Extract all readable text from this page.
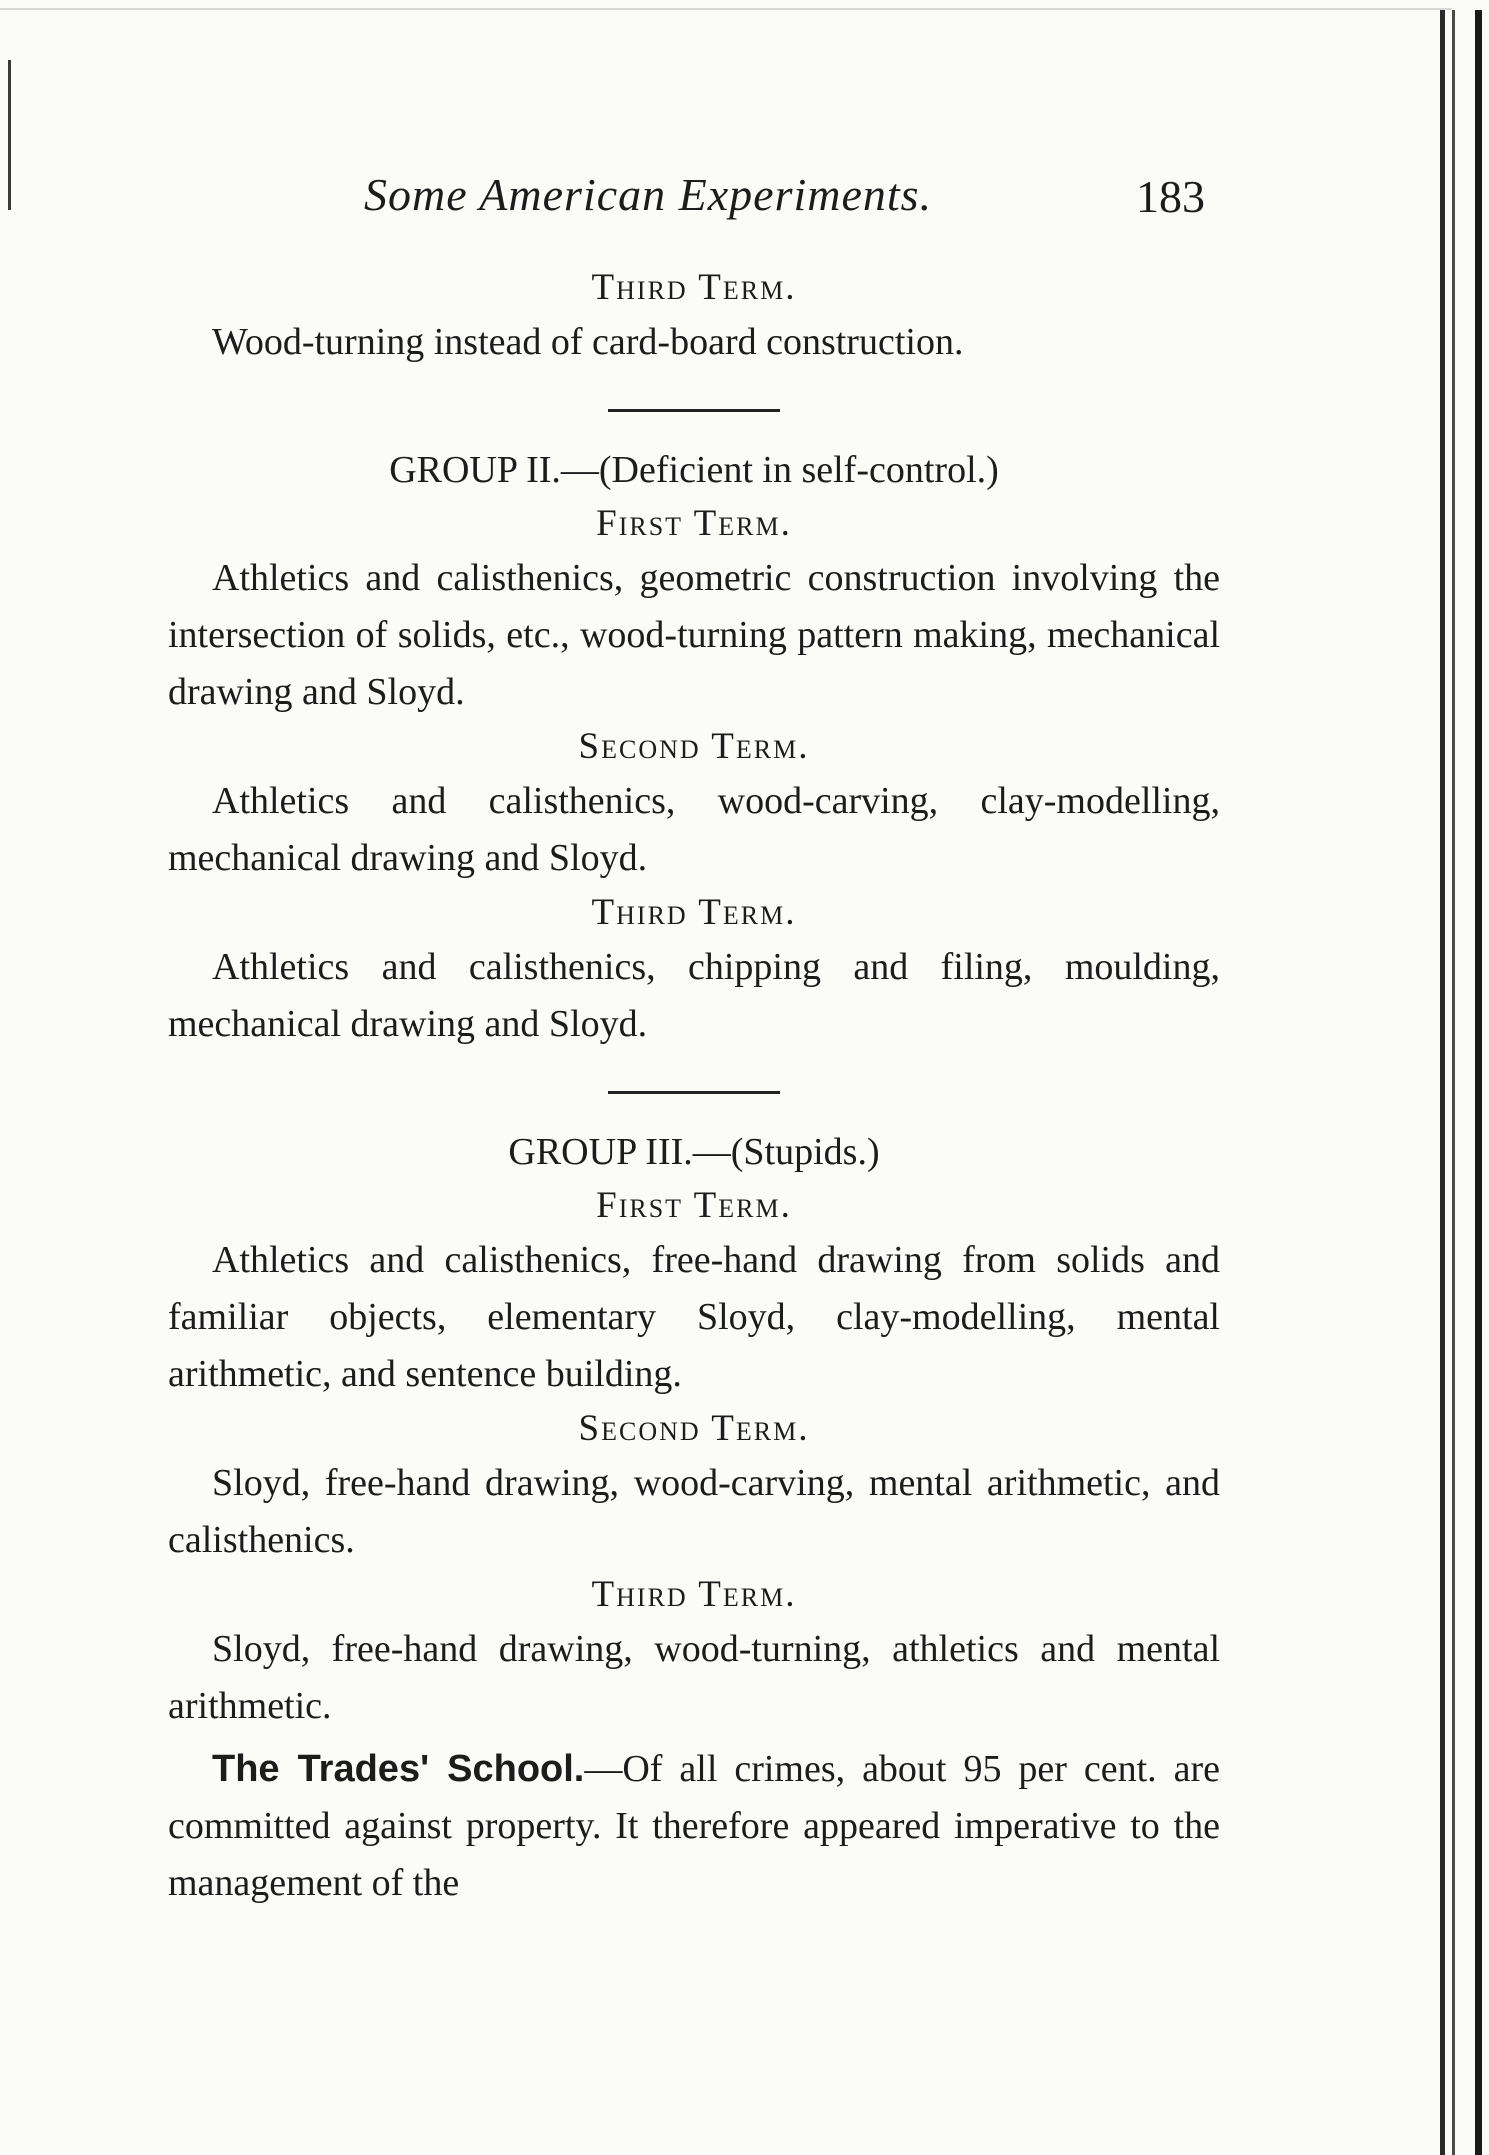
Some American Experiments.	183
Third Term.

Wood-turning instead of card-board construction.

GROUP II.—(Deficient in self-control.)
First Term.

Athletics and calisthenics, geometric construction involving the intersection of solids, etc., wood-turning pattern making, mechanical drawing and Sloyd.

Second Term.

Athletics and calisthenics, wood-carving, clay-modelling, mechanical drawing and Sloyd.

Third Term.

Athletics and calisthenics, chipping and filing, moulding, mechanical drawing and Sloyd.

GROUP III.—(Stupids.)
First Term.

Athletics and calisthenics, free-hand drawing from solids and familiar objects, elementary Sloyd, clay-modelling, mental arithmetic, and sentence building.

Second Term.

Sloyd, free-hand drawing, wood-carving, mental arithmetic, and calisthenics.

Third Term.

Sloyd, free-hand drawing, wood-turning, athletics and mental arithmetic.

The Trades' School.—Of all crimes, about 95 per cent. are committed against property. It therefore appeared imperative to the management of the
